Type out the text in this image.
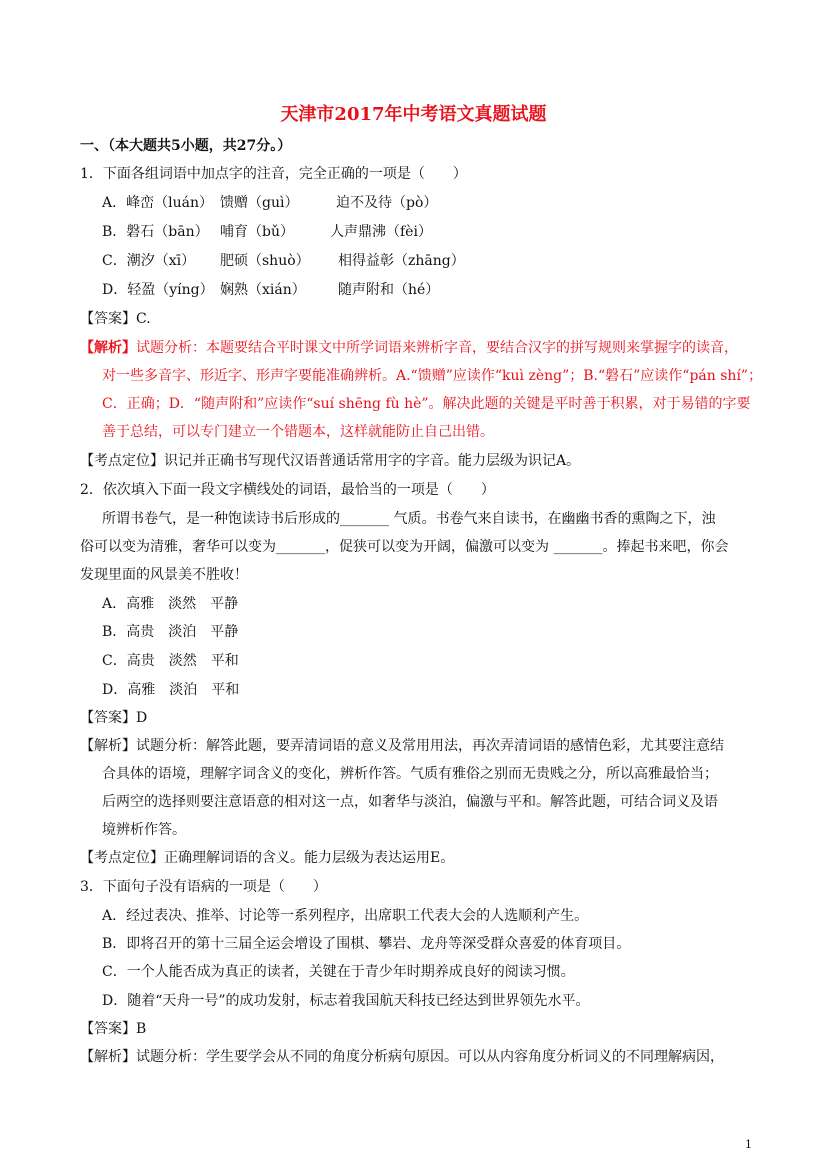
天津市2017年中考语文真题试题
一、（本大题共5小题，共27分。）
1．下面各组词语中加点字的注音，完全正确的一项是（　　）
A．峰峦（luán） 馈赠（guì）	迫不及待（pò）
B．磐石（bān） 哺育（bǔ）	人声鼎沸（fèi）
C．潮汐（xī） 肥硕（shuò） 相得益彰（zhāng）
D．轻盈（yíng） 娴熟（xián） 随声附和（hé）
【答案】C.
【解析】试题分析：本题要结合平时课文中所学词语来辨析字音，要结合汉字的拼写规则来掌握字的读音，
对一些多音字、形近字、形声字要能准确辨析。A.“馈赠”应读作“kuì zèng”；B.“磐石”应读作“pán shí”；
C．正确；D．“随声附和”应读作“suí shēng fù hè”。解决此题的关键是平时善于积累，对于易错的字要
善于总结，可以专门建立一个错题本，这样就能防止自己出错。
【考点定位】识记并正确书写现代汉语普通话常用字的字音。能力层级为识记A。
2．依次填入下面一段文字横线处的词语，最恰当的一项是（　　）
所谓书卷气，是一种饱读诗书后形成的_______ 气质。书卷气来自读书，在幽幽书香的熏陶之下，浊
俗可以变为清雅，奢华可以变为_______，促狭可以变为开阔，偏激可以变为 _______。捧起书来吧，你会
发现里面的风景美不胜收！
A．高雅　淡然　平静
B．高贵　淡泊　平静
C．高贵　淡然　平和
D．高雅　淡泊　平和
【答案】D
【解析】试题分析：解答此题，要弄清词语的意义及常用用法，再次弄清词语的感情色彩，尤其要注意结
合具体的语境，理解字词含义的变化，辨析作答。气质有雅俗之别而无贵贱之分，所以高雅最恰当；
后两空的选择则要注意语意的相对这一点，如奢华与淡泊，偏激与平和。解答此题，可结合词义及语
境辨析作答。
【考点定位】正确理解词语的含义。能力层级为表达运用E。
3．下面句子没有语病的一项是（　　）
A．经过表决、推举、讨论等一系列程序，出席职工代表大会的人选顺利产生。
B．即将召开的第十三届全运会增设了围棋、攀岩、龙舟等深受群众喜爱的体育项目。
C．一个人能否成为真正的读者，关键在于青少年时期养成良好的阅读习惯。
D．随着“天舟一号”的成功发射，标志着我国航天科技已经达到世界领先水平。
【答案】B
【解析】试题分析：学生要学会从不同的角度分析病句原因。可以从内容角度分析词义的不同理解病因，
1
